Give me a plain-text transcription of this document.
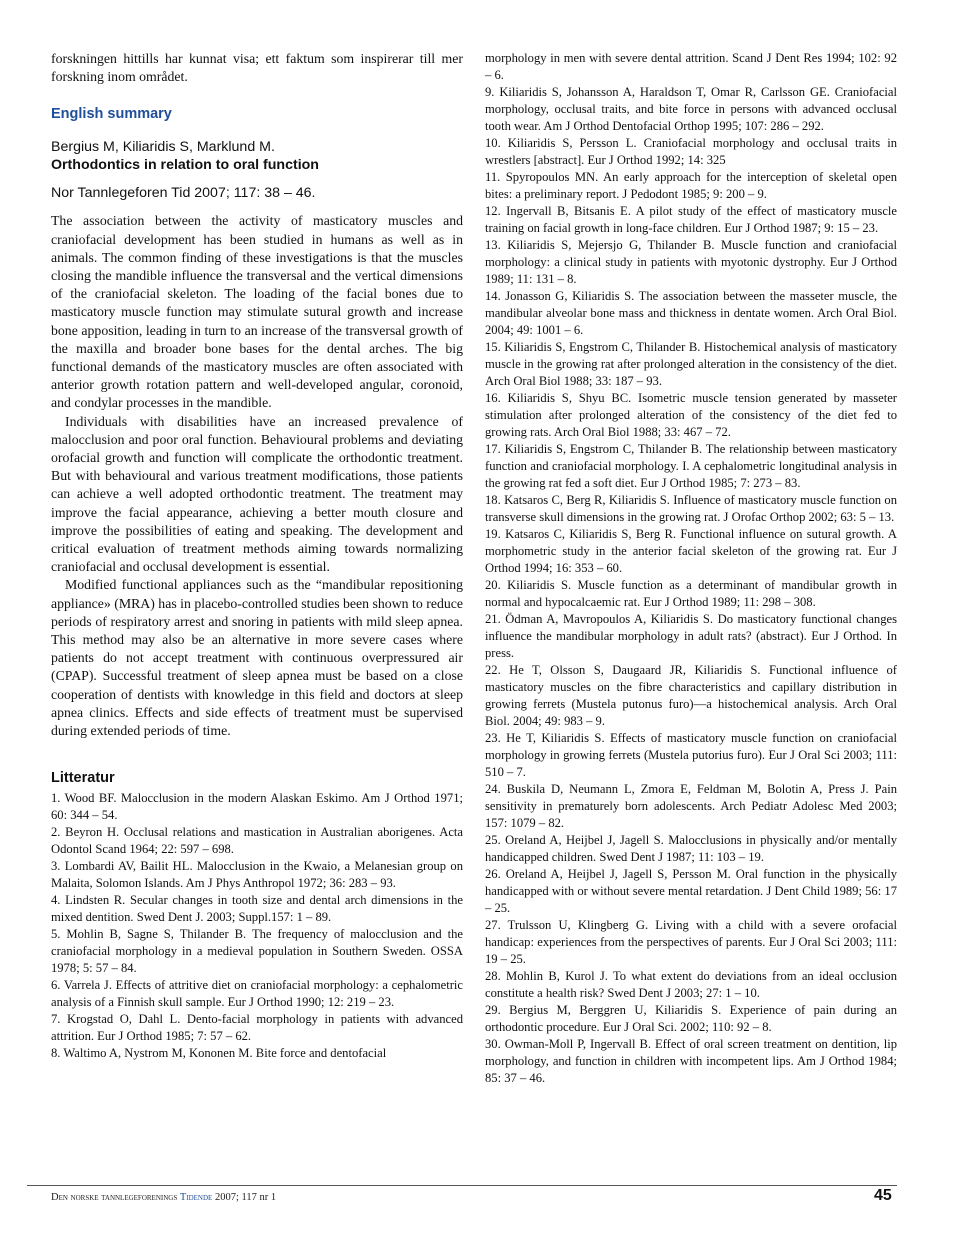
forskningen hittills har kunnat visa; ett faktum som inspirerar till mer forskning inom området.

English summary

Bergius M, Kiliaridis S, Marklund M.

Orthodontics in relation to oral function

Nor Tannlegeforen Tid 2007; 117: 38 – 46.

The association between the activity of masticatory muscles and craniofacial development has been studied in humans as well as in animals. The common finding of these investigations is that the muscles closing the mandible influence the transversal and the vertical dimensions of the craniofacial skeleton. The loading of the facial bones due to masticatory muscle function may stimulate sutural growth and increase bone apposition, leading in turn to an increase of the transversal growth of the maxilla and broader bone bases for the dental arches. The big functional demands of the masticatory muscles are often associated with anterior growth rotation pattern and well-developed angular, coronoid, and condylar processes in the mandible.

Individuals with disabilities have an increased prevalence of malocclusion and poor oral function. Behavioural problems and deviating orofacial growth and function will complicate the orthodontic treatment. But with behavioural and various treatment modifications, those patients can achieve a well adopted orthodontic treatment. The treatment may improve the facial appearance, achieving a better mouth closure and improve the possibilities of eating and speaking. The development and critical evaluation of treatment methods aiming towards normalizing craniofacial and occlusal development is essential.

Modified functional appliances such as the “mandibular repositioning appliance» (MRA) has in placebo-controlled studies been shown to reduce periods of respiratory arrest and snoring in patients with mild sleep apnea. This method may also be an alternative in more severe cases where patients do not accept treatment with continuous overpressured air (CPAP). Successful treatment of sleep apnea must be based on a close cooperation of dentists with knowledge in this field and doctors at sleep apnea clinics. Effects and side effects of treatment must be supervised during extended periods of time.

Litteratur

1. Wood BF. Malocclusion in the modern Alaskan Eskimo. Am J Orthod 1971; 60: 344 – 54.

2. Beyron H. Occlusal relations and mastication in Australian aborigenes. Acta Odontol Scand 1964; 22: 597 – 698.

3. Lombardi AV, Bailit HL. Malocclusion in the Kwaio, a Melanesian group on Malaita, Solomon Islands. Am J Phys Anthropol 1972; 36: 283 – 93.

4. Lindsten R. Secular changes in tooth size and dental arch dimensions in the mixed dentition. Swed Dent J. 2003; Suppl.157: 1 – 89.

5. Mohlin B, Sagne S, Thilander B. The frequency of malocclusion and the craniofacial morphology in a medieval population in Southern Sweden. OSSA 1978; 5: 57 – 84.

6. Varrela J. Effects of attritive diet on craniofacial morphology: a cephalometric analysis of a Finnish skull sample. Eur J Orthod 1990; 12: 219 – 23.

7. Krogstad O, Dahl L. Dento-facial morphology in patients with advanced attrition. Eur J Orthod 1985; 7: 57 – 62.

8. Waltimo A, Nystrom M, Kononen M. Bite force and dentofacial

morphology in men with severe dental attrition. Scand J Dent Res 1994; 102: 92 – 6.

9. Kiliaridis S, Johansson A, Haraldson T, Omar R, Carlsson GE. Craniofacial morphology, occlusal traits, and bite force in persons with advanced occlusal tooth wear. Am J Orthod Dentofacial Orthop 1995; 107: 286 – 292.

10. Kiliaridis S, Persson L. Craniofacial morphology and occlusal traits in wrestlers [abstract]. Eur J Orthod 1992; 14: 325

11. Spyropoulos MN. An early approach for the interception of skeletal open bites: a preliminary report. J Pedodont 1985; 9: 200 – 9.

12. Ingervall B, Bitsanis E. A pilot study of the effect of masticatory muscle training on facial growth in long-face children. Eur J Orthod 1987; 9: 15 – 23.

13. Kiliaridis S, Mejersjo G, Thilander B. Muscle function and craniofacial morphology: a clinical study in patients with myotonic dystrophy. Eur J Orthod 1989; 11: 131 – 8.

14. Jonasson G, Kiliaridis S. The association between the masseter muscle, the mandibular alveolar bone mass and thickness in dentate women. Arch Oral Biol. 2004; 49: 1001 – 6.

15. Kiliaridis S, Engstrom C, Thilander B. Histochemical analysis of masticatory muscle in the growing rat after prolonged alteration in the consistency of the diet. Arch Oral Biol 1988; 33: 187 – 93.

16. Kiliaridis S, Shyu BC. Isometric muscle tension generated by masseter stimulation after prolonged alteration of the consistency of the diet fed to growing rats. Arch Oral Biol 1988; 33: 467 – 72.

17. Kiliaridis S, Engstrom C, Thilander B. The relationship between masticatory function and craniofacial morphology. I. A cephalometric longitudinal analysis in the growing rat fed a soft diet. Eur J Orthod 1985; 7: 273 – 83.

18. Katsaros C, Berg R, Kiliaridis S. Influence of masticatory muscle function on transverse skull dimensions in the growing rat. J Orofac Orthop 2002; 63: 5 – 13.

19. Katsaros C, Kiliaridis S, Berg R. Functional influence on sutural growth. A morphometric study in the anterior facial skeleton of the growing rat. Eur J Orthod 1994; 16: 353 – 60.

20. Kiliaridis S. Muscle function as a determinant of mandibular growth in normal and hypocalcaemic rat. Eur J Orthod 1989; 11: 298 – 308.

21. Ödman A, Mavropoulos A, Kiliaridis S. Do masticatory functional changes influence the mandibular morphology in adult rats? (abstract). Eur J Orthod. In press.

22. He T, Olsson S, Daugaard JR, Kiliaridis S. Functional influence of masticatory muscles on the fibre characteristics and capillary distribution in growing ferrets (Mustela putonus furo)—a histochemical analysis. Arch Oral Biol. 2004; 49: 983 – 9.

23. He T, Kiliaridis S. Effects of masticatory muscle function on craniofacial morphology in growing ferrets (Mustela putorius furo). Eur J Oral Sci 2003; 111: 510 – 7.

24. Buskila D, Neumann L, Zmora E, Feldman M, Bolotin A, Press J. Pain sensitivity in prematurely born adolescents. Arch Pediatr Adolesc Med 2003; 157: 1079 – 82.

25. Oreland A, Heijbel J, Jagell S. Malocclusions in physically and/or mentally handicapped children. Swed Dent J 1987; 11: 103 – 19.

26. Oreland A, Heijbel J, Jagell S, Persson M. Oral function in the physically handicapped with or without severe mental retardation. J Dent Child 1989; 56: 17 – 25.

27. Trulsson U, Klingberg G. Living with a child with a severe orofacial handicap: experiences from the perspectives of parents. Eur J Oral Sci 2003; 111: 19 – 25.

28. Mohlin B, Kurol J. To what extent do deviations from an ideal occlusion constitute a health risk? Swed Dent J 2003; 27: 1 – 10.

29. Bergius M, Berggren U, Kiliaridis S. Experience of pain during an orthodontic procedure. Eur J Oral Sci. 2002; 110: 92 – 8.

30. Owman-Moll P, Ingervall B. Effect of oral screen treatment on dentition, lip morphology, and function in children with incompetent lips. Am J Orthod 1984; 85: 37 – 46.

Den norske tannlegeforenings Tidende 2007; 117 nr 1	45
